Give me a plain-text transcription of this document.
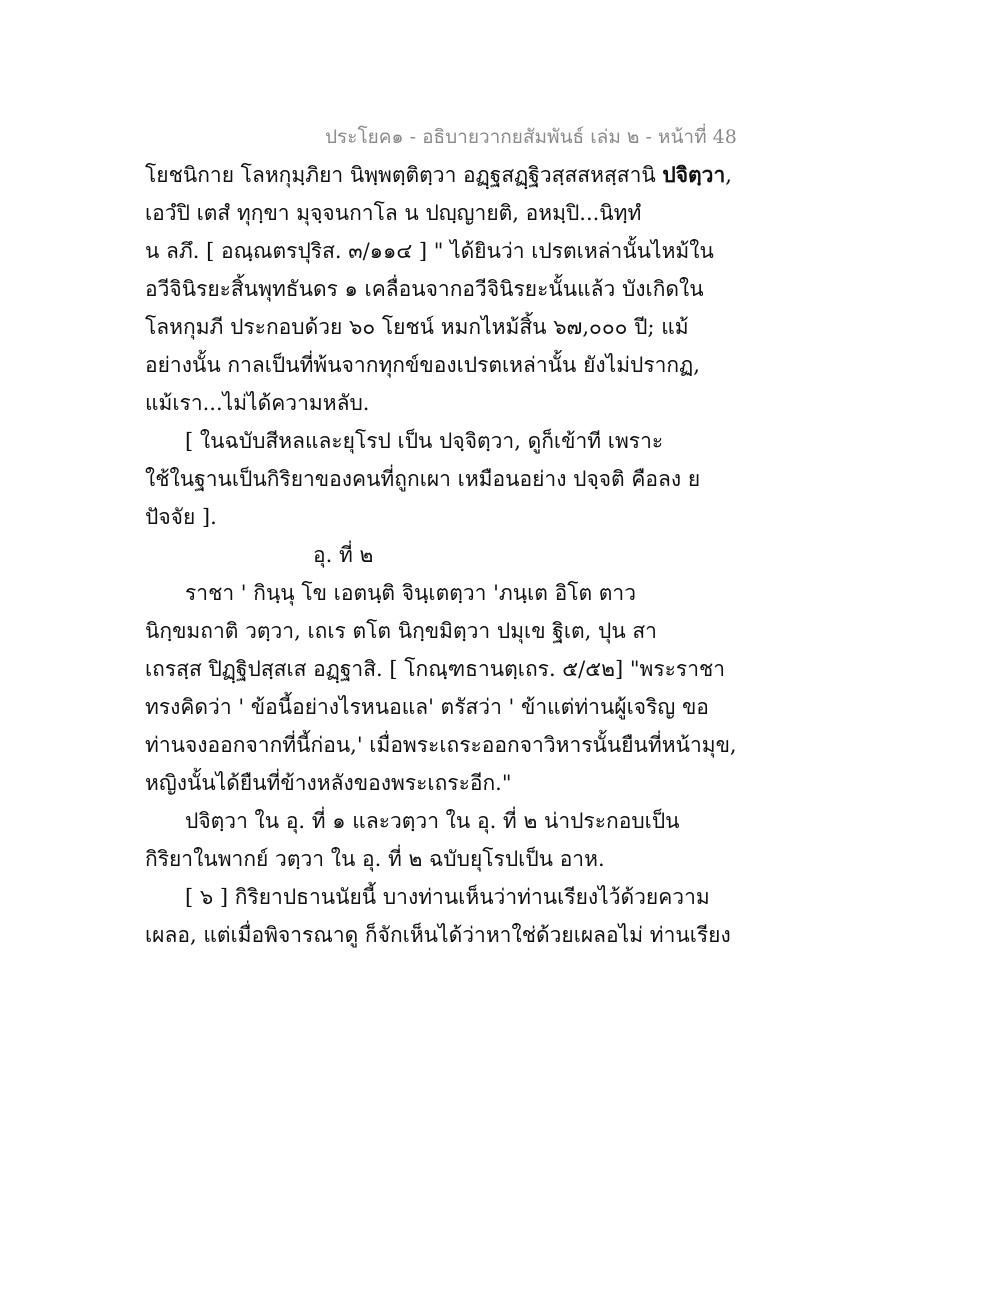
ประโยค๑ - อธิบายวากยสัมพันธ์ เล่ม ๒ - หน้าที่ 48
โยชนิกาย โลหกุมฺภิยา นิพฺพตฺติตฺวา อฏฺฐสฏฺฐิวสฺสสหสฺสานิ ปจิตฺวา,
เอวํปิ เตสํ ทุกฺขา มุจฺจนกาโล น ปญฺญายติ, อหมฺปิ...นิทฺทํ
น ลภึ. [ อณฺณตรปุริส. ๓/๑๑๔ ] " ได้ยินว่า เปรตเหล่านั้นไหม้ใน
อวีจินิรยะสิ้นพุทธันดร ๑ เคลื่อนจากอวีจินิรยะนั้นแล้ว บังเกิดใน
โลหกุมภี ประกอบด้วย ๖๐ โยชน์ หมกไหม้สิ้น ๖๗,๐๐๐ ปี; แม้
อย่างนั้น กาลเป็นที่พ้นจากทุกข์ของเปรตเหล่านั้น ยังไม่ปรากฏ,
แม้เรา...ไม่ได้ความหลับ.
[ ในฉบับสีหลและยุโรป เป็น ปจฺจิตฺวา, ดูก็เข้าที เพราะ
ใช้ในฐานเป็นกิริยาของคนที่ถูกเผา เหมือนอย่าง ปจฺจติ คือลง ย
ปัจจัย ].
อุ. ที่ ๒
ราชา ' กินฺนุ โข เอตนฺติ จินฺเตตฺวา 'ภนฺเต อิโต ตาว
นิกฺขมถาติ วตฺวา, เถเร ตโต นิกฺขมิตฺวา ปมุเข ฐิเต, ปุน สา
เถรสฺส ปิฏฺฐิปสฺสเส อฏฺฐาสิ. [ โกณฺฑธานตฺเถร. ๕/๕๒] "พระราชา
ทรงคิดว่า ' ข้อนี้อย่างไรหนอแล' ตรัสว่า ' ข้าแต่ท่านผู้เจริญ ขอ
ท่านจงออกจากที่นี้ก่อน,' เมื่อพระเถระออกจาวิหารนั้นยืนที่หน้ามุข,
หญิงนั้นได้ยืนที่ข้างหลังของพระเถระอีก."
ปจิตฺวา ใน อุ. ที่ ๑ และวตฺวา ใน อุ. ที่ ๒ น่าประกอบเป็น
กิริยาในพากย์ วตฺวา ใน อุ. ที่ ๒ ฉบับยุโรปเป็น อาห.
[ ๖ ] กิริยาปธานนัยนี้ บางท่านเห็นว่าท่านเรียงไว้ด้วยความ
เผลอ, แต่เมื่อพิจารณาดู ก็จักเห็นได้ว่าหาใช่ด้วยเผลอไม่ ท่านเรียง
